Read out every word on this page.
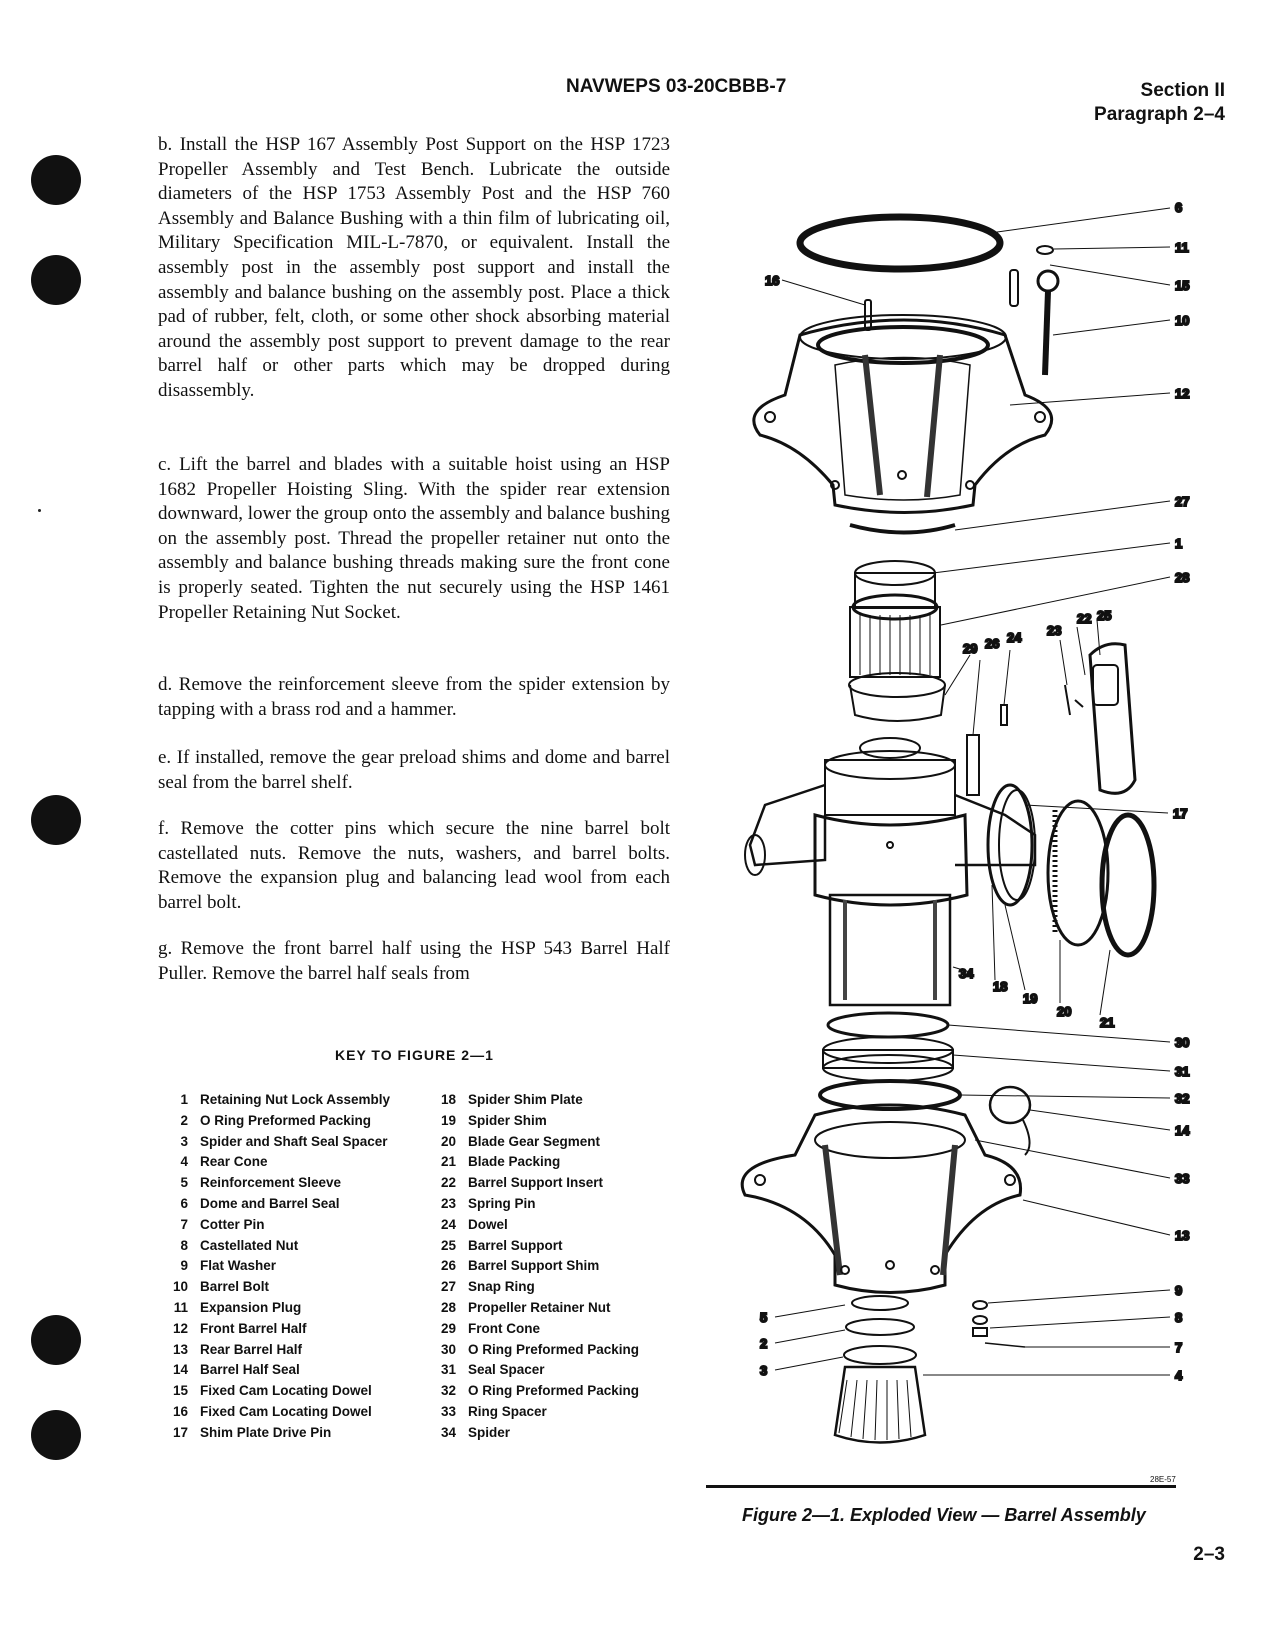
NAVWEPS 03-20CBBB-7	Section II
Paragraph 2–4

b. Install the HSP 167 Assembly Post Support on the HSP 1723 Propeller Assembly and Test Bench. Lubricate the outside diameters of the HSP 1753 Assembly Post and the HSP 760 Assembly and Balance Bushing with a thin film of lubricating oil, Military Specification MIL-L-7870, or equivalent. Install the assembly post in the assembly post support and install the assembly and balance bushing on the assembly post. Place a thick pad of rubber, felt, cloth, or some other shock absorbing material around the assembly post support to prevent damage to the rear barrel half or other parts which may be dropped during disassembly.

c. Lift the barrel and blades with a suitable hoist using an HSP 1682 Propeller Hoisting Sling. With the spider rear extension downward, lower the group onto the assembly and balance bushing on the assembly post. Thread the propeller retainer nut onto the assembly and balance bushing threads making sure the front cone is properly seated. Tighten the nut securely using the HSP 1461 Propeller Retaining Nut Socket.

d. Remove the reinforcement sleeve from the spider extension by tapping with a brass rod and a hammer.

e. If installed, remove the gear preload shims and dome and barrel seal from the barrel shelf.

f. Remove the cotter pins which secure the nine barrel bolt castellated nuts. Remove the nuts, washers, and barrel bolts. Remove the expansion plug and balancing lead wool from each barrel bolt.

g. Remove the front barrel half using the HSP 543 Barrel Half Puller. Remove the barrel half seals from

KEY TO FIGURE 2—1
1 Retaining Nut Lock Assembly
2 O Ring Preformed Packing
3 Spider and Shaft Seal Spacer
4 Rear Cone
5 Reinforcement Sleeve
6 Dome and Barrel Seal
7 Cotter Pin
8 Castellated Nut
9 Flat Washer
10 Barrel Bolt
11 Expansion Plug
12 Front Barrel Half
13 Rear Barrel Half
14 Barrel Half Seal
15 Fixed Cam Locating Dowel
16 Fixed Cam Locating Dowel
17 Shim Plate Drive Pin
18 Spider Shim Plate
19 Spider Shim
20 Blade Gear Segment
21 Blade Packing
22 Barrel Support Insert
23 Spring Pin
24 Dowel
25 Barrel Support
26 Barrel Support Shim
27 Snap Ring
28 Propeller Retainer Nut
29 Front Cone
30 O Ring Preformed Packing
31 Seal Spacer
32 O Ring Preformed Packing
33 Ring Spacer
34 Spider
6
11
15
16
10
12
27
1
28
29 26 24 23
22 25
17
34
18
19
20
21
30
31
32
14
33
13
9
8
7
5
2
3	4
28E-57
Figure 2—1. Exploded View — Barrel Assembly
2–3
